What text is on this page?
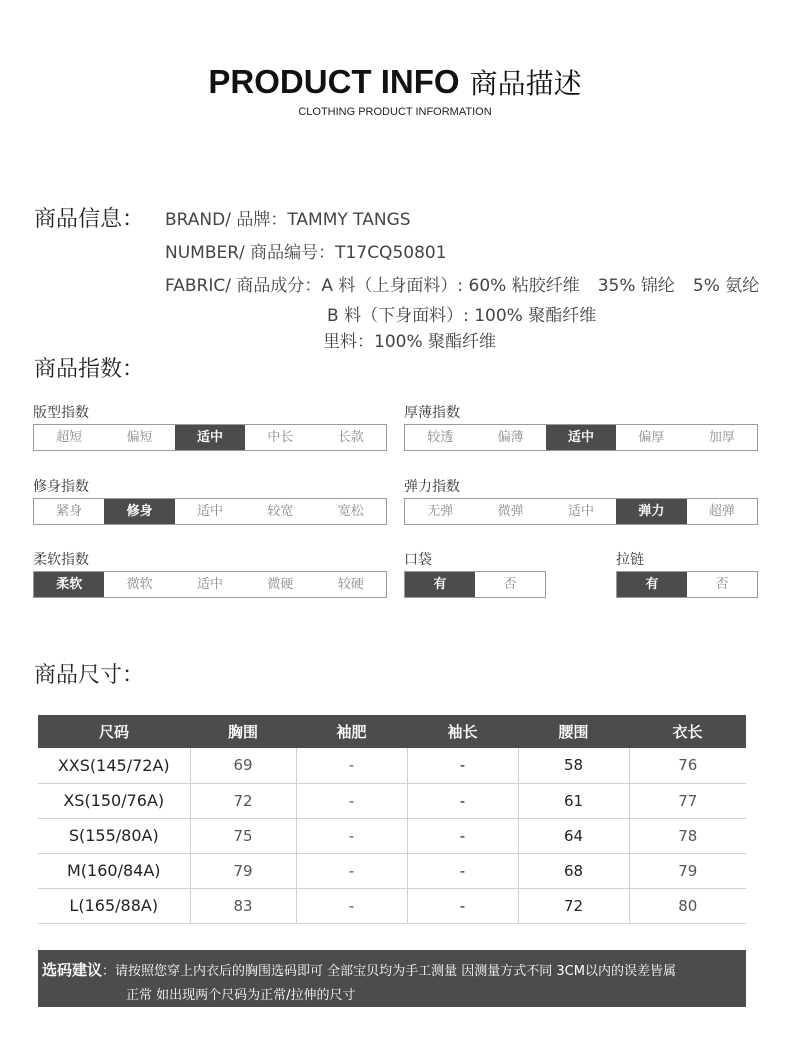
PRODUCT INFO 商品描述
CLOTHING PRODUCT INFORMATION
商品信息： BRAND/ 品牌：TAMMY TANGS
NUMBER/ 商品编号：T17CQ50801
FABRIC/ 商品成分：A 料（上身面料）: 60% 粘胶纤维 35% 锦纶 5% 氨纶
B 料（下身面料）: 100% 聚酯纤维
里料：100% 聚酯纤维
商品指数：
版型指数
超短	偏短	适中	中长	长款
厚薄指数
较透	偏薄	适中	偏厚	加厚
修身指数
紧身	修身	适中	较宽	宽松
弹力指数
无弹	微弹	适中	弹力	超弹
柔软指数
柔软	微软	适中	微硬	较硬
口袋
有	否
拉链
有	否
商品尺寸：
尺码	胸围	袖肥	袖长	腰围	衣长
XXS(145/72A)	69	-	-	58	76
XS(150/76A)	72	-	-	61	77
S(155/80A)	75	-	-	64	78
M(160/84A)	79	-	-	68	79
L(165/88A)	83	-	-	72	80
选码建议：请按照您穿上内衣后的胸围选码即可 全部宝贝均为手工测量 因测量方式不同 3CM以内的误差皆属
正常 如出现两个尺码为正常/拉伸的尺寸
